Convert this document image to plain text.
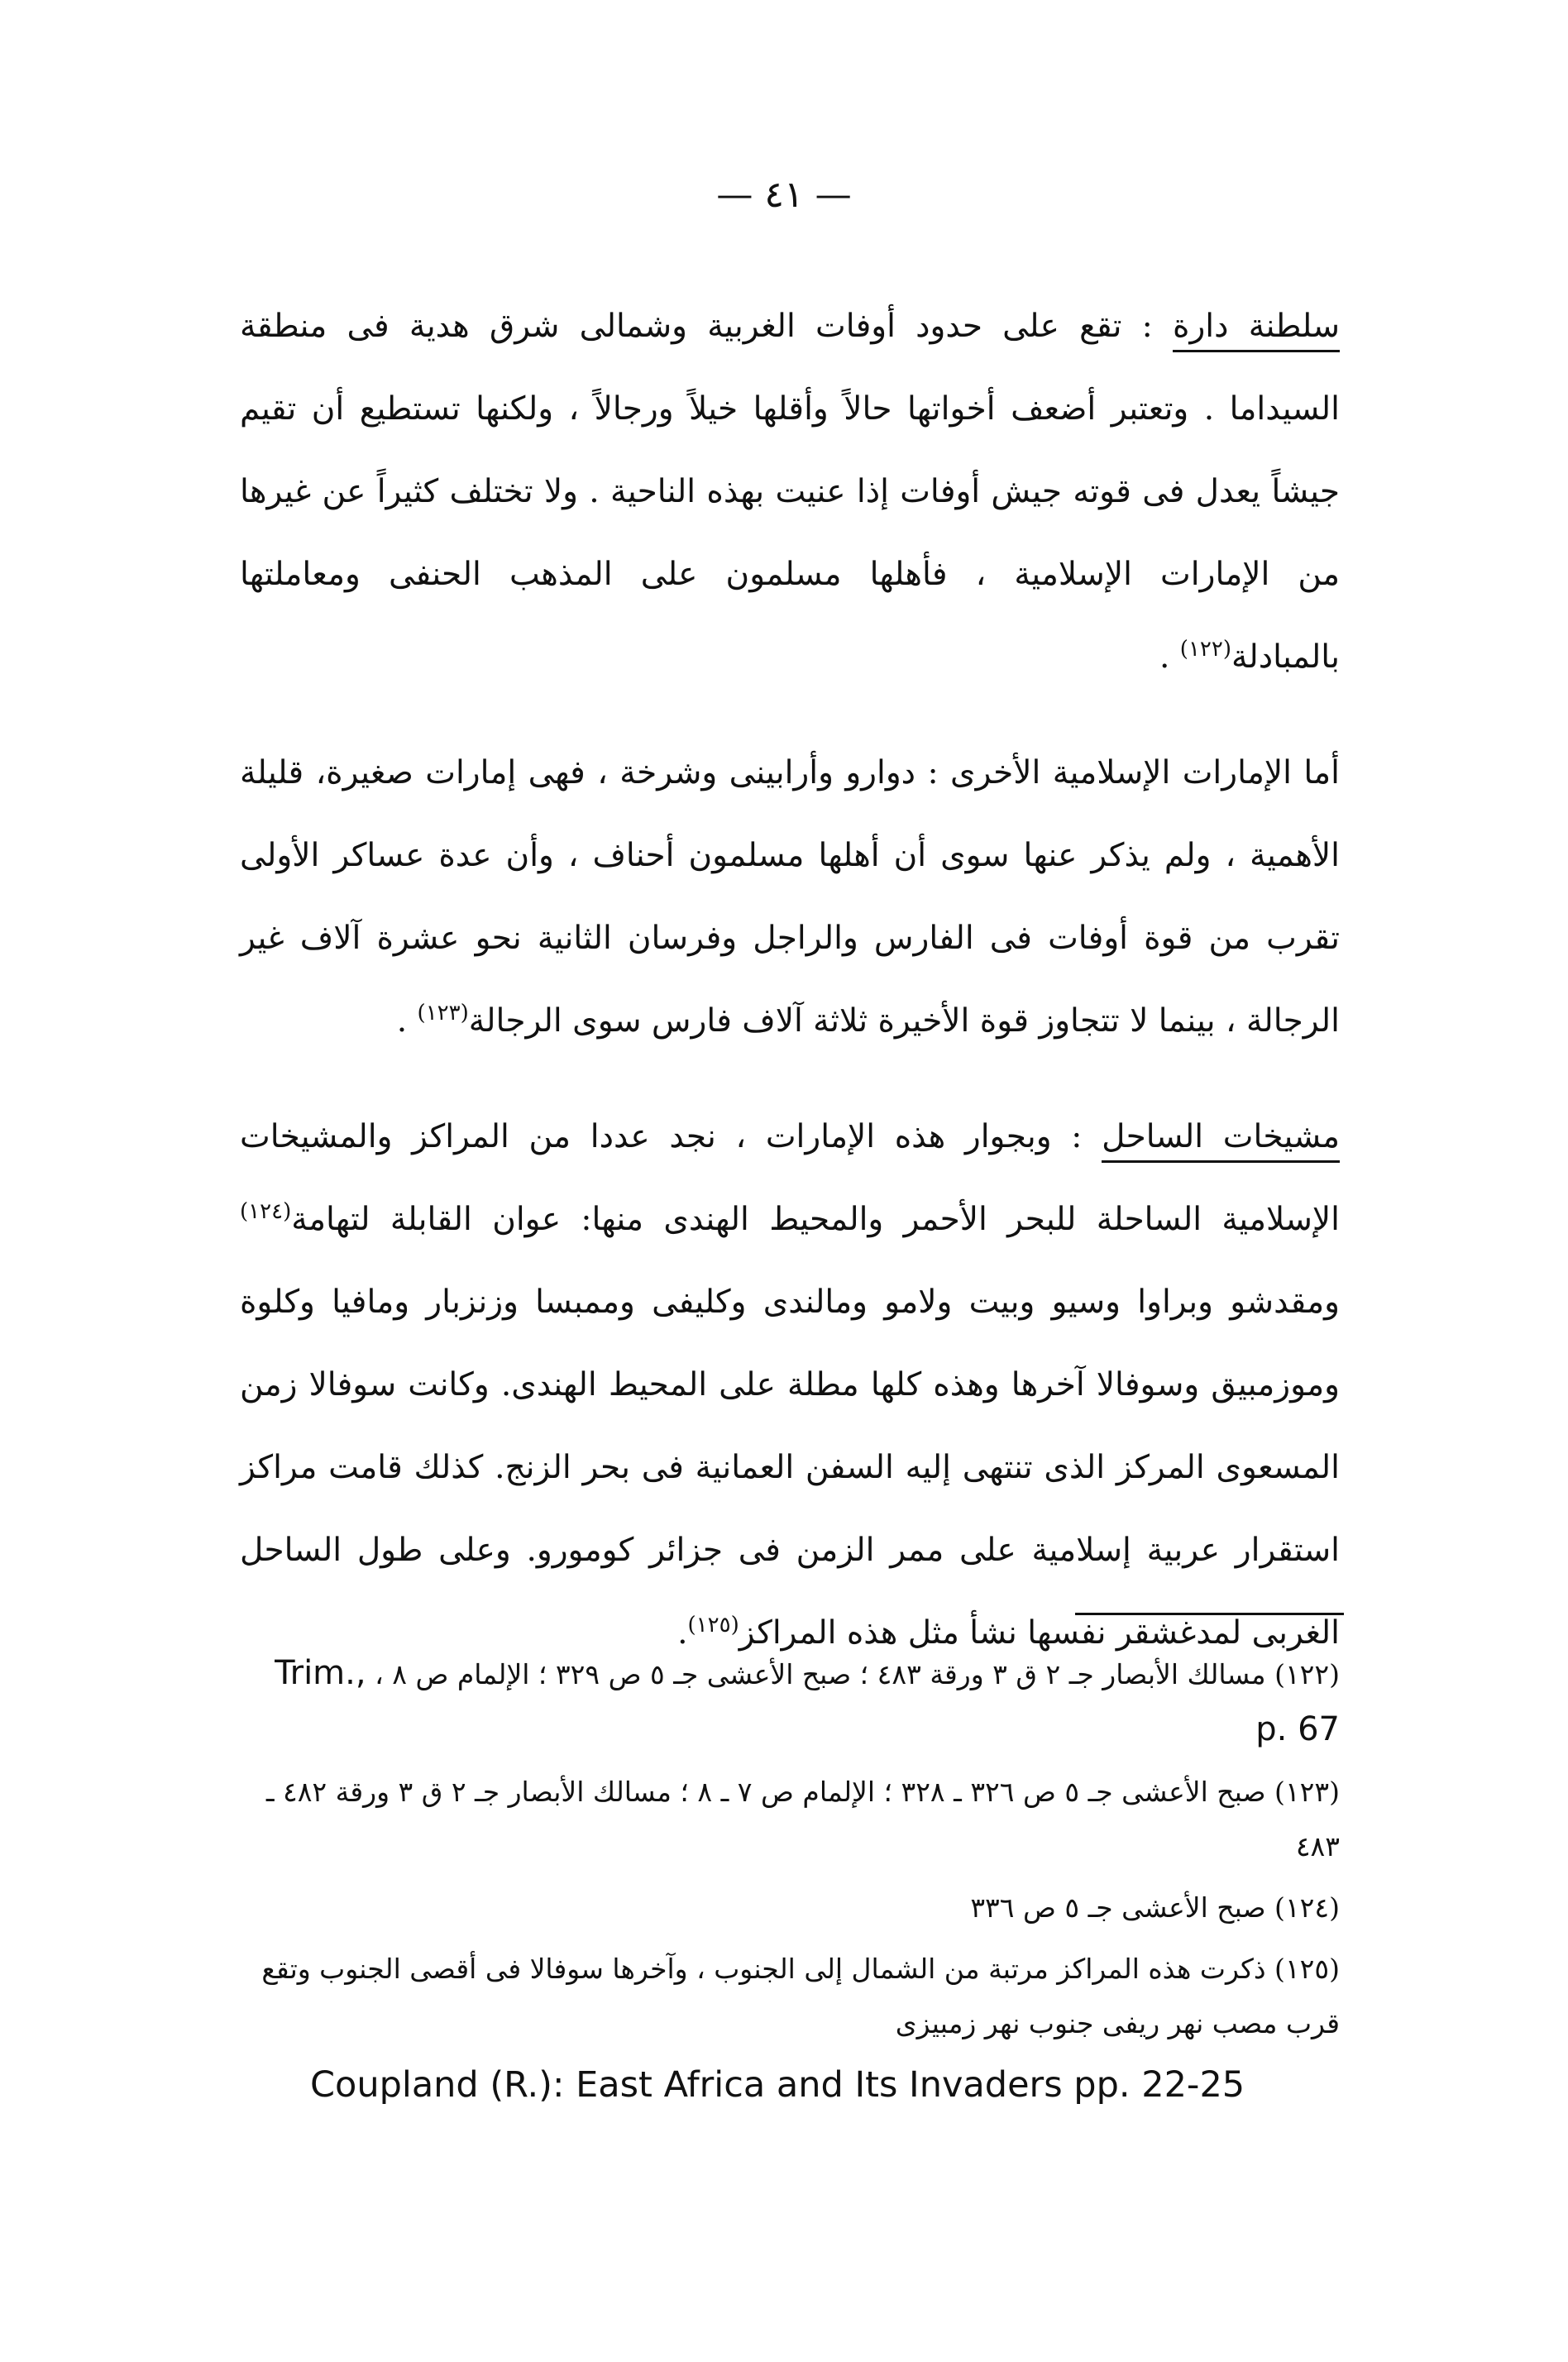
— ٤١ —

سلطنة دارة : تقع على حدود أوفات الغربية وشمالى شرق هدية فى منطقة السيداما . وتعتبر أضعف أخواتها حالاً وأقلها خيلاً ورجالاً ، ولكنها تستطيع أن تقيم جيشاً يعدل فى قوته جيش أوفات إذا عنيت بهذه الناحية . ولا تختلف كثيراً عن غيرها من الإمارات الإسلامية ، فأهلها مسلمون على المذهب الحنفى ومعاملتها بالمبادلة$^{(١٢٢)}$ .

أما الإمارات الإسلامية الأخرى : دوارو وأرابينى وشرخة ، فهى إمارات صغيرة، قليلة الأهمية ، ولم يذكر عنها سوى أن أهلها مسلمون أحناف ، وأن عدة عساكر الأولى تقرب من قوة أوفات فى الفارس والراجل وفرسان الثانية نحو عشرة آلاف غير الرجالة ، بينما لا تتجاوز قوة الأخيرة ثلاثة آلاف فارس سوى الرجالة$^{(١٢٣)}$ .

مشيخات الساحل : وبجوار هذه الإمارات ، نجد عددا من المراكز والمشيخات الإسلامية الساحلة للبحر الأحمر والمحيط الهندى منها: عوان القابلة لتهامة$^{(١٢٤)}$ ومقدشو وبراوا وسيو وبيت ولامو ومالندى وكليفى وممبسا وزنزبار ومافيا وكلوة وموزمبيق وسوفالا آخرها وهذه كلها مطلة على المحيط الهندى. وكانت سوفالا زمن المسعوى المركز الذى تنتهى إليه السفن العمانية فى بحر الزنج. كذلك قامت مراكز استقرار عربية إسلامية على ممر الزمن فى جزائر كومورو. وعلى طول الساحل الغربى لمدغشقر نفسها نشأ مثل هذه المراكز$^{(١٢٥)}$.

(١٢٢) مسالك الأبصار جـ ٢ ق ٣ ورقة ٤٨٣ ؛ صبح الأعشى جـ ٥ ص ٣٢٩ ؛ الإلمام ص ٨ ، Trim., p. 67

(١٢٣) صبح الأعشى جـ ٥ ص ٣٢٦ ـ ٣٢٨ ؛ الإلمام ص ٧ ـ ٨ ؛ مسالك الأبصار جـ ٢ ق ٣ ورقة ٤٨٢ ـ ٤٨٣

(١٢٤) صبح الأعشى جـ ٥ ص ٣٣٦

(١٢٥) ذكرت هذه المراكز مرتبة من الشمال إلى الجنوب ، وآخرها سوفالا فى أقصى الجنوب وتقع قرب مصب نهر ريفى جنوب نهر زمبيزى

Coupland (R.): East Africa and Its Invaders pp. 22-25
